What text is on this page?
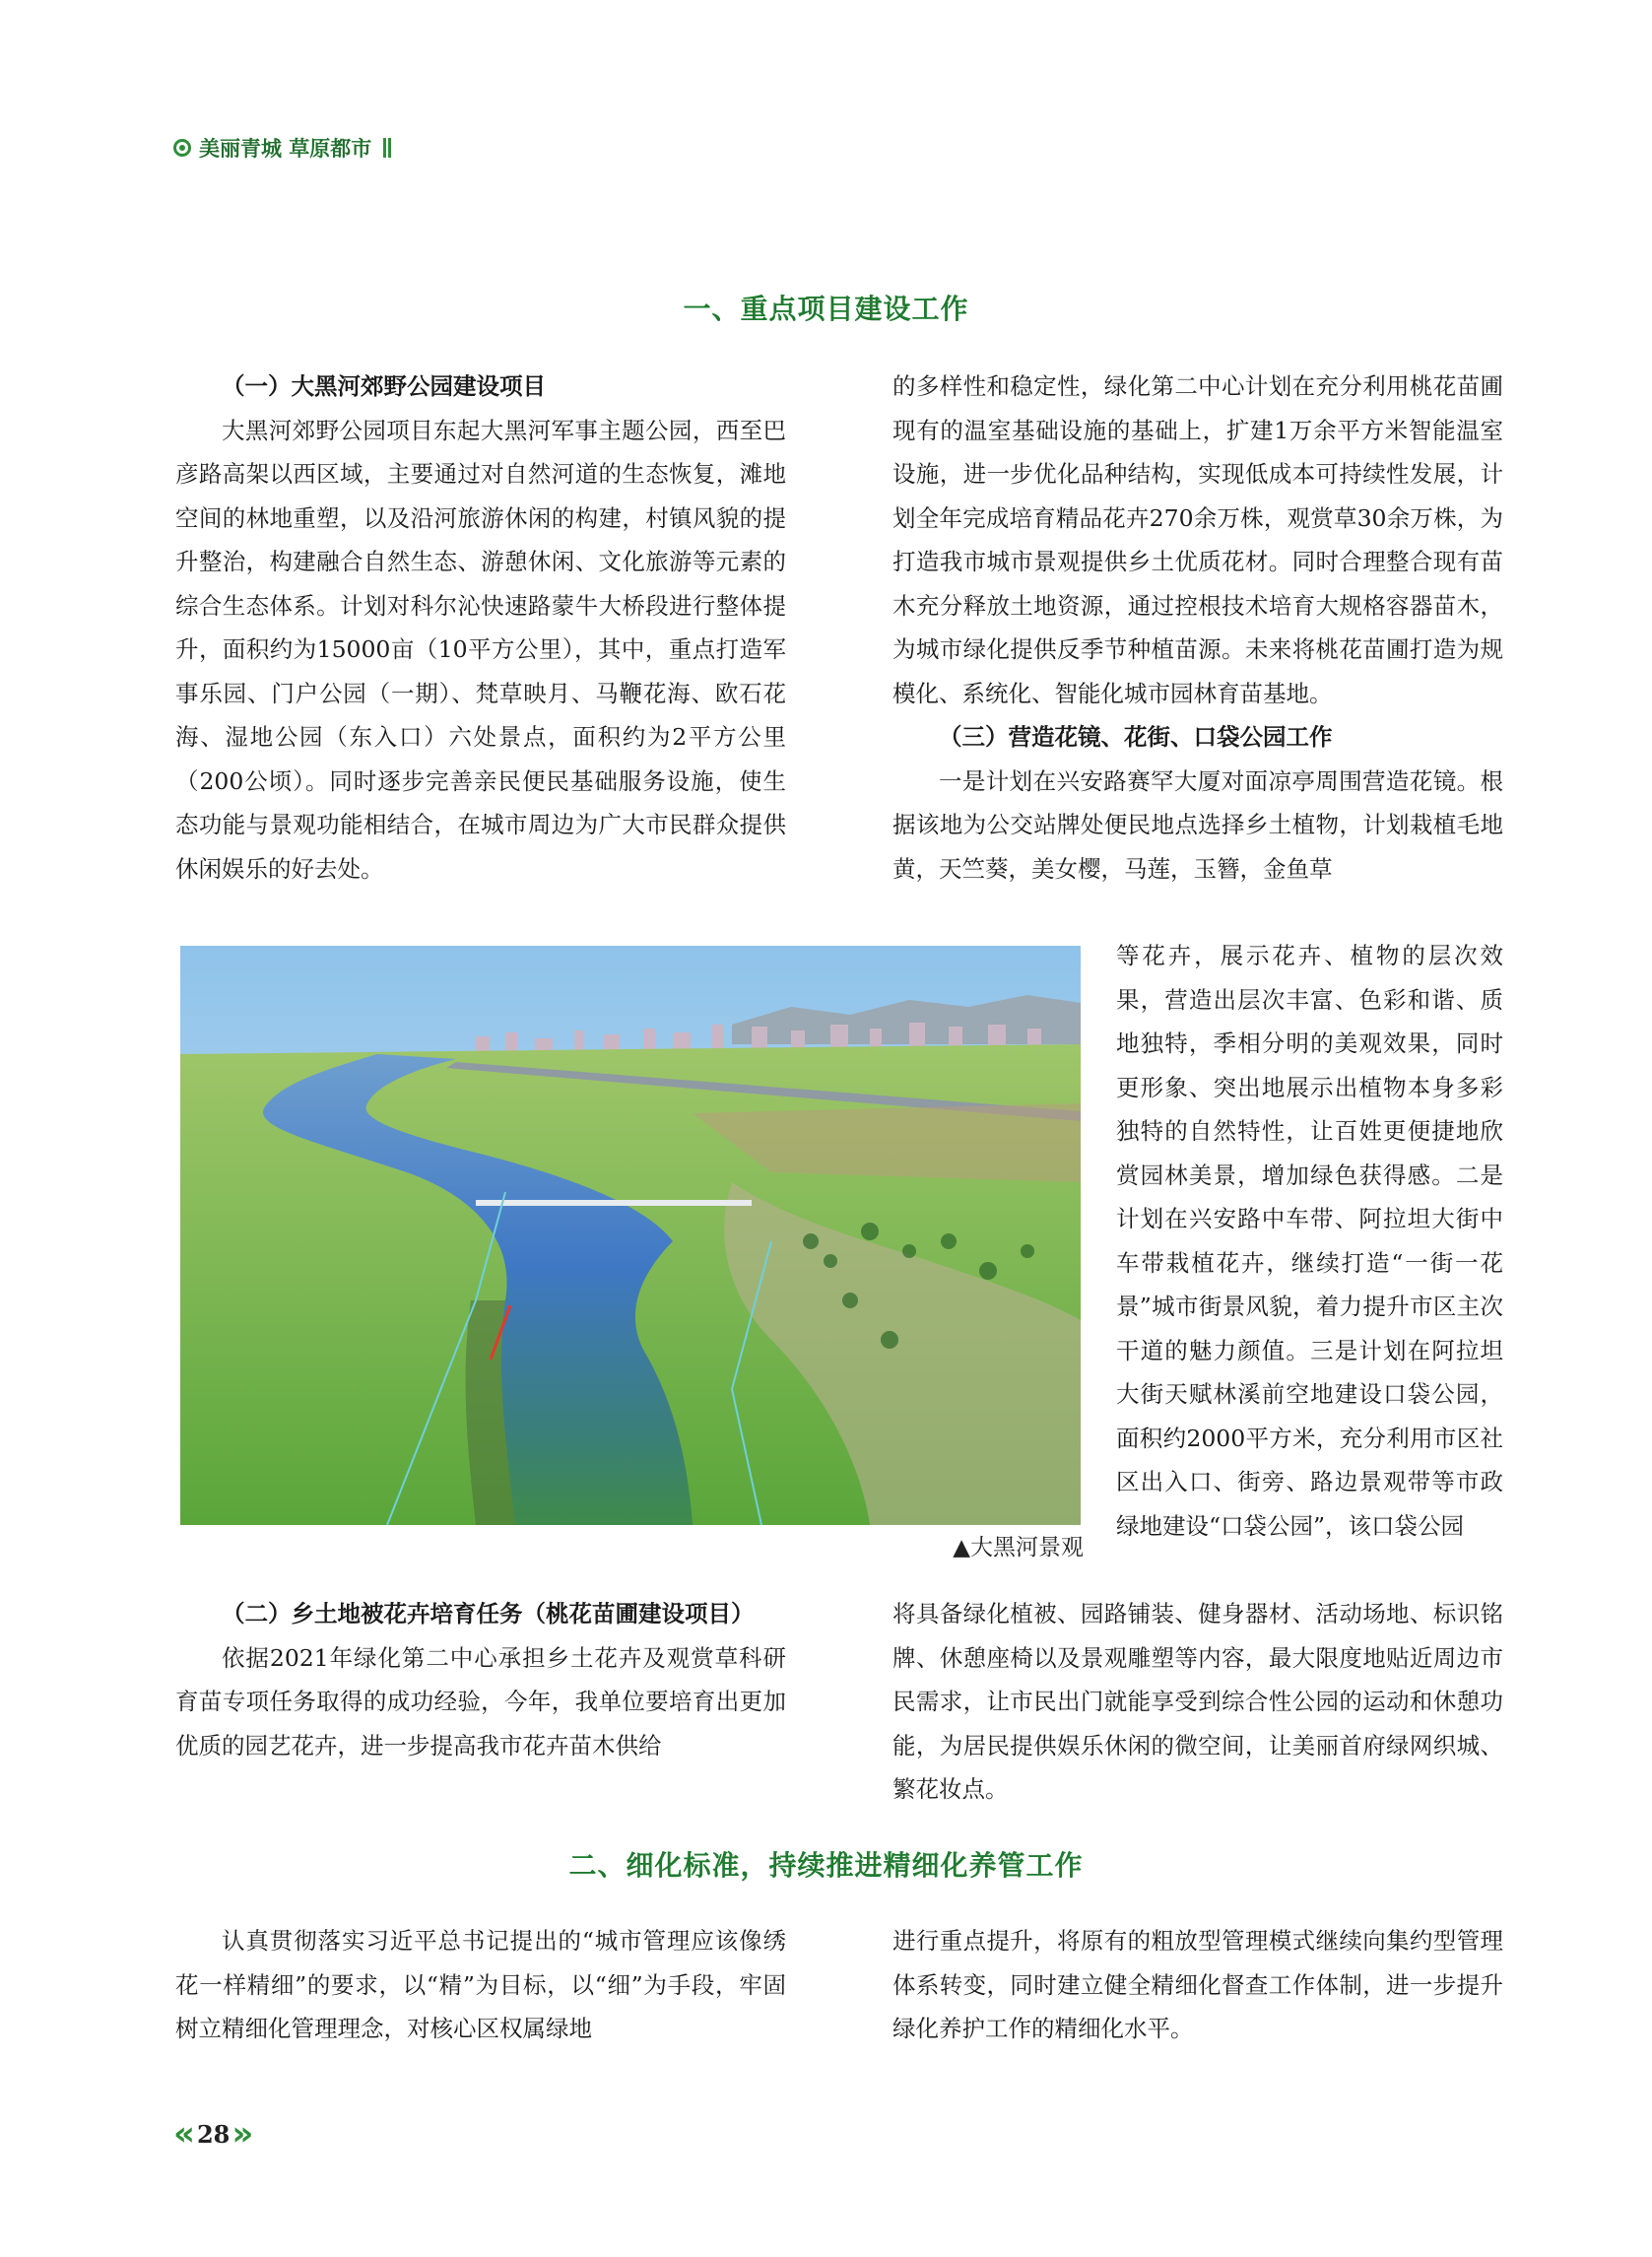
美丽青城 草原都市
一、重点项目建设工作
（一）大黑河郊野公园建设项目

大黑河郊野公园项目东起大黑河军事主题公园，西至巴彦路高架以西区域，主要通过对自然河道的生态恢复，滩地空间的林地重塑，以及沿河旅游休闲的构建，村镇风貌的提升整治，构建融合自然生态、游憩休闲、文化旅游等元素的综合生态体系。计划对科尔沁快速路蒙牛大桥段进行整体提升，面积约为15000亩（10平方公里），其中，重点打造军事乐园、门户公园（一期）、梵草映月、马鞭花海、欧石花海、湿地公园（东入口）六处景点，面积约为2平方公里（200公顷）。同时逐步完善亲民便民基础服务设施，使生态功能与景观功能相结合，在城市周边为广大市民群众提供休闲娱乐的好去处。

的多样性和稳定性，绿化第二中心计划在充分利用桃花苗圃现有的温室基础设施的基础上，扩建1万余平方米智能温室设施，进一步优化品种结构，实现低成本可持续性发展，计划全年完成培育精品花卉270余万株，观赏草30余万株，为打造我市城市景观提供乡土优质花材。同时合理整合现有苗木充分释放土地资源，通过控根技术培育大规格容器苗木，为城市绿化提供反季节种植苗源。未来将桃花苗圃打造为规模化、系统化、智能化城市园林育苗基地。

（三）营造花镜、花街、口袋公园工作

一是计划在兴安路赛罕大厦对面凉亭周围营造花镜。根据该地为公交站牌处便民地点选择乡土植物，计划栽植毛地黄，天竺葵，美女樱，马莲，玉簪，金鱼草

▲大黑河景观

等花卉，展示花卉、植物的层次效果，营造出层次丰富、色彩和谐、质地独特，季相分明的美观效果，同时更形象、突出地展示出植物本身多彩独特的自然特性，让百姓更便捷地欣赏园林美景，增加绿色获得感。二是计划在兴安路中车带、阿拉坦大街中车带栽植花卉，继续打造“一街一花景”城市街景风貌，着力提升市区主次干道的魅力颜值。三是计划在阿拉坦大街天赋林溪前空地建设口袋公园，面积约2000平方米，充分利用市区社区出入口、街旁、路边景观带等市政绿地建设“口袋公园”，该口袋公园

（二）乡土地被花卉培育任务（桃花苗圃建设项目）

依据2021年绿化第二中心承担乡土花卉及观赏草科研育苗专项任务取得的成功经验，今年，我单位要培育出更加优质的园艺花卉，进一步提高我市花卉苗木供给

将具备绿化植被、园路铺装、健身器材、活动场地、标识铭牌、休憩座椅以及景观雕塑等内容，最大限度地贴近周边市民需求，让市民出门就能享受到综合性公园的运动和休憩功能，为居民提供娱乐休闲的微空间，让美丽首府绿网织城、繁花妆点。

二、细化标准，持续推进精细化养管工作

认真贯彻落实习近平总书记提出的“城市管理应该像绣花一样精细”的要求，以“精”为目标，以“细”为手段，牢固树立精细化管理理念，对核心区权属绿地

进行重点提升，将原有的粗放型管理模式继续向集约型管理体系转变，同时建立健全精细化督查工作体制，进一步提升绿化养护工作的精细化水平。

« 28 »
